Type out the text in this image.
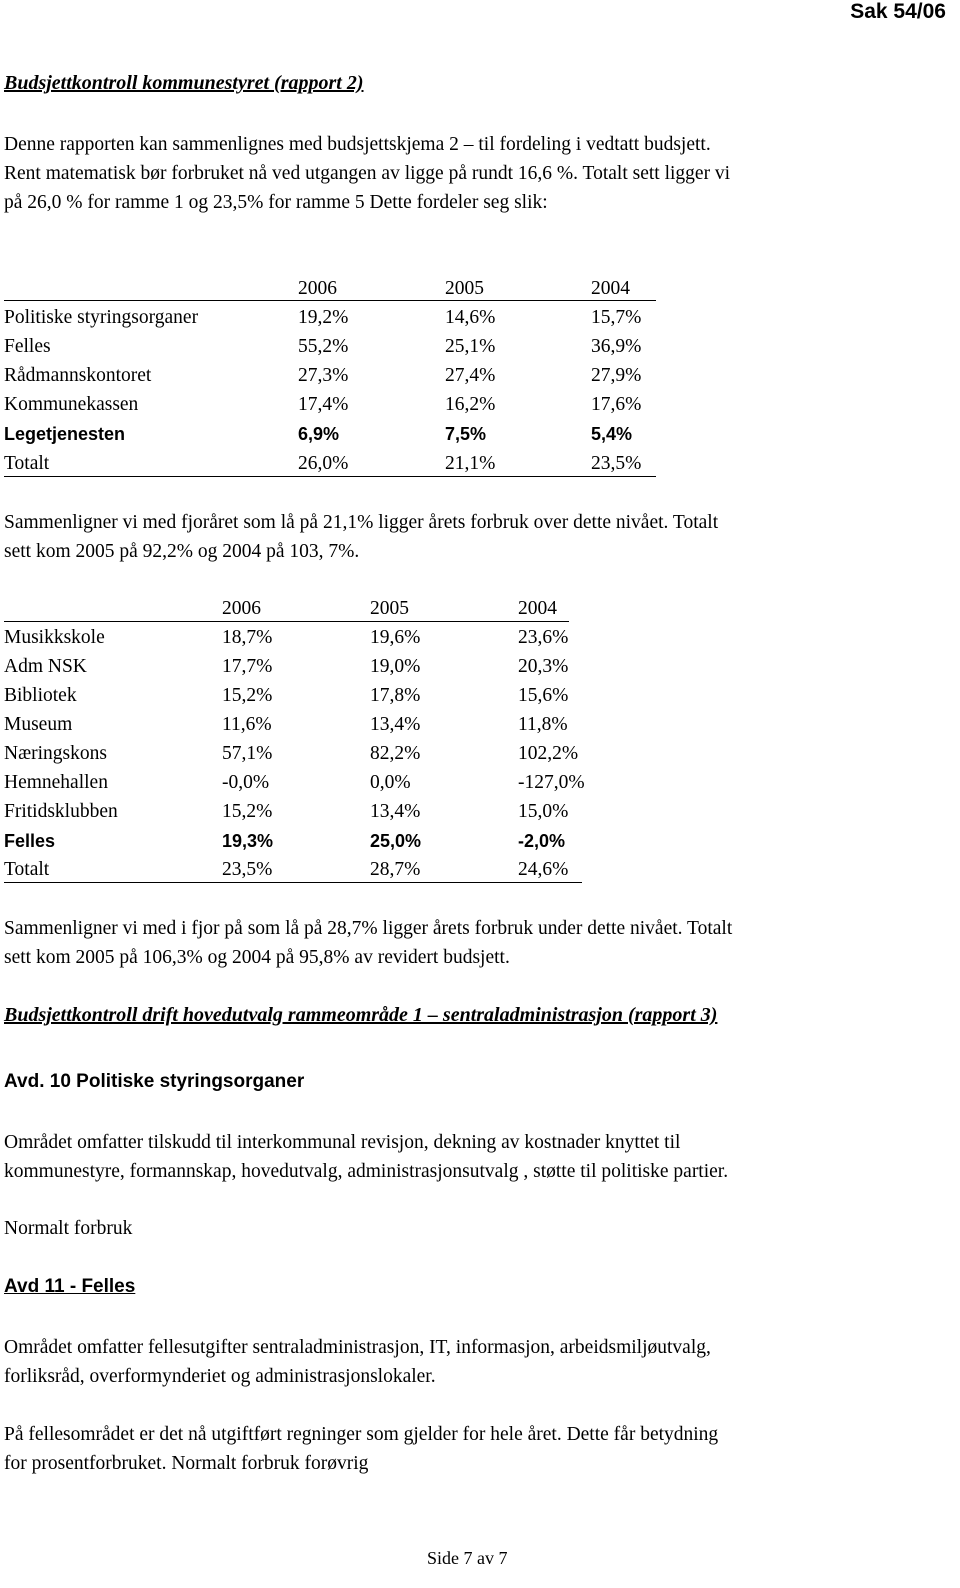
Sak 54/06
Budsjettkontroll kommunestyret (rapport 2)

Denne rapporten kan sammenlignes med budsjettskjema 2 – til fordeling i vedtatt budsjett.
Rent matematisk bør forbruket nå ved utgangen av ligge på rundt 16,6 %. Totalt sett ligger vi
på 26,0 % for ramme 1 og 23,5% for ramme 5 Dette fordeler seg slik:

2006	2005	2004
Politiske styringsorganer	19,2%	14,6%	15,7%
Felles	55,2%	25,1%	36,9%
Rådmannskontoret	27,3%	27,4%	27,9%
Kommunekassen	17,4%	16,2%	17,6%
Legetjenesten	6,9%	7,5%	5,4%
Totalt	26,0%	21,1%	23,5%

Sammenligner vi med fjoråret som lå på 21,1% ligger årets forbruk over dette nivået. Totalt
sett kom 2005 på 92,2% og 2004 på 103, 7%.

2006	2005	2004
Musikkskole	18,7%	19,6%	23,6%
Adm NSK	17,7%	19,0%	20,3%
Bibliotek	15,2%	17,8%	15,6%
Museum	11,6%	13,4%	11,8%
Næringskons	57,1%	82,2%	102,2%
Hemnehallen	-0,0%	0,0%	-127,0%
Fritidsklubben	15,2%	13,4%	15,0%
Felles	19,3%	25,0%	-2,0%
Totalt	23,5%	28,7%	24,6%

Sammenligner vi med i fjor på som lå på 28,7% ligger årets forbruk under dette nivået. Totalt
sett kom 2005 på 106,3% og 2004 på 95,8% av revidert budsjett.

Budsjettkontroll drift hovedutvalg rammeområde 1 – sentraladministrasjon (rapport 3)
Avd. 10 Politiske styringsorganer

Området omfatter tilskudd til interkommunal revisjon, dekning av kostnader knyttet til
kommunestyre, formannskap, hovedutvalg, administrasjonsutvalg , støtte til politiske partier.

Normalt forbruk
Avd 11 - Felles

Området omfatter fellesutgifter sentraladministrasjon, IT, informasjon, arbeidsmiljøutvalg,
forliksråd, overformynderiet og administrasjonslokaler.

På fellesområdet er det nå utgiftført regninger som gjelder for hele året. Dette får betydning
for prosentforbruket. Normalt forbruk forøvrig

Side 7 av 7
